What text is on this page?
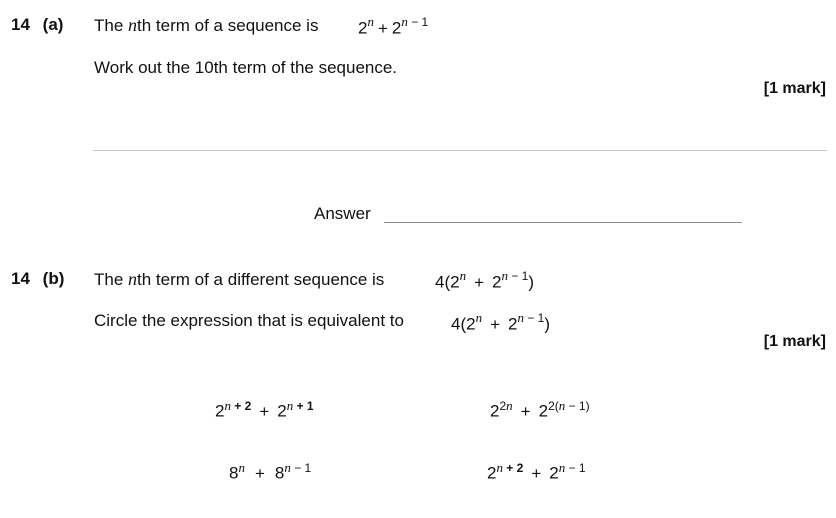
14 (a) The nth term of a sequence is $2^n + 2^{n - 1}$
Work out the 10th term of the sequence.
[1 mark]
Answer
14 (b) The nth term of a different sequence is	$4(2^n + 2^{n - 1})$
Circle the expression that is equivalent to	$4(2^n + 2^{n - 1})$
[1 mark]
$2^{n + 2} + 2^{n + 1}$	$2^{2n} + 2^{2(n - 1)}$
$8^n + 8^{n - 1}$	$2^{n + 2} + 2^{n - 1}$
